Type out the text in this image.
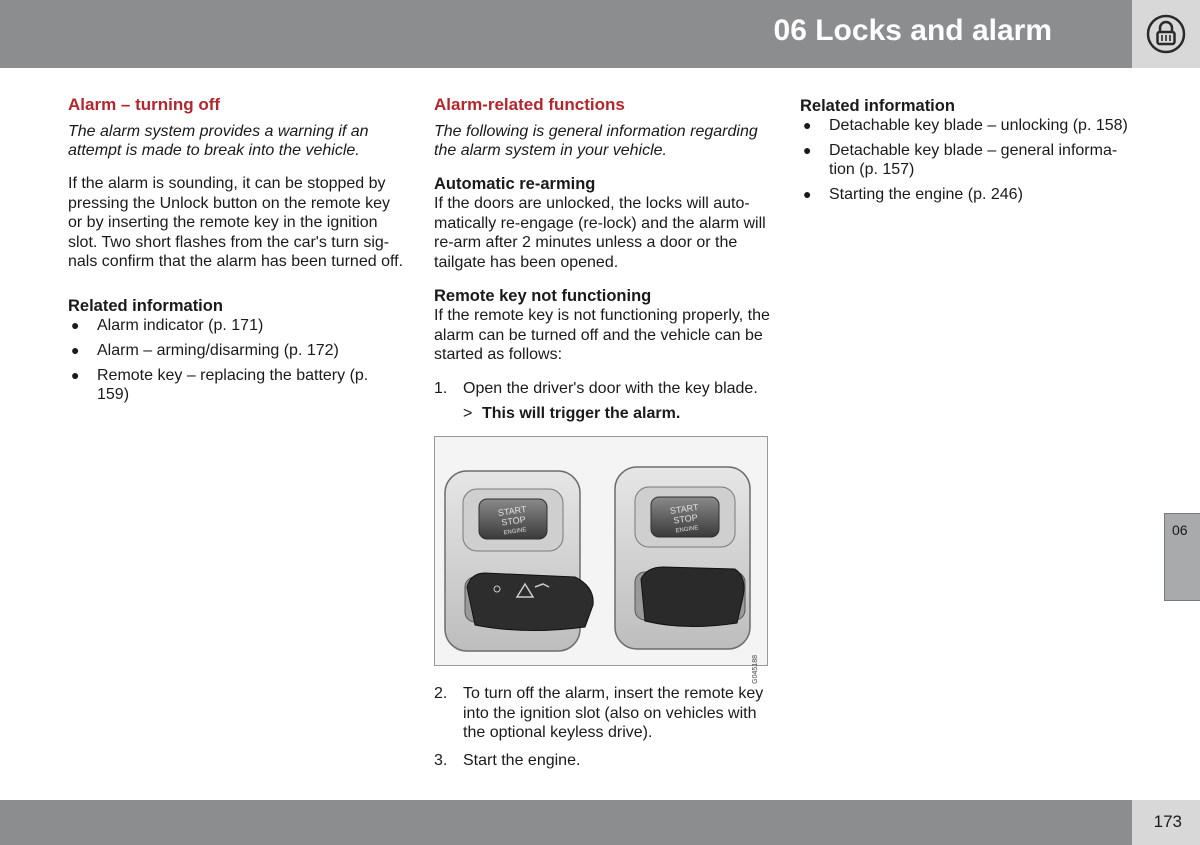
06 Locks and alarm
Alarm – turning off

The alarm system provides a warning if an attempt is made to break into the vehicle.

If the alarm is sounding, it can be stopped by pressing the Unlock button on the remote key or by inserting the remote key in the ignition slot. Two short flashes from the car's turn sig-nals confirm that the alarm has been turned off.

Related information
● Alarm indicator (p. 171)
● Alarm – arming/disarming (p. 172)
● Remote key – replacing the battery (p. 159)
Alarm-related functions

The following is general information regarding the alarm system in your vehicle.

Automatic re-arming

If the doors are unlocked, the locks will auto-matically re-engage (re-lock) and the alarm will re-arm after 2 minutes unless a door or the tailgate has been opened.

Remote key not functioning

If the remote key is not functioning properly, the alarm can be turned off and the vehicle can be started as follows:

1. Open the driver's door with the key blade.
> This will trigger the alarm.
START
STOP
ENGINE
START
STOP
ENGINE
G045188
2. To turn off the alarm, insert the remote key into the ignition slot (also on vehicles with the optional keyless drive).
3. Start the engine.
Related information
● Detachable key blade – unlocking (p. 158)
● Detachable key blade – general informa-tion (p. 157)
● Starting the engine (p. 246)
06
173
